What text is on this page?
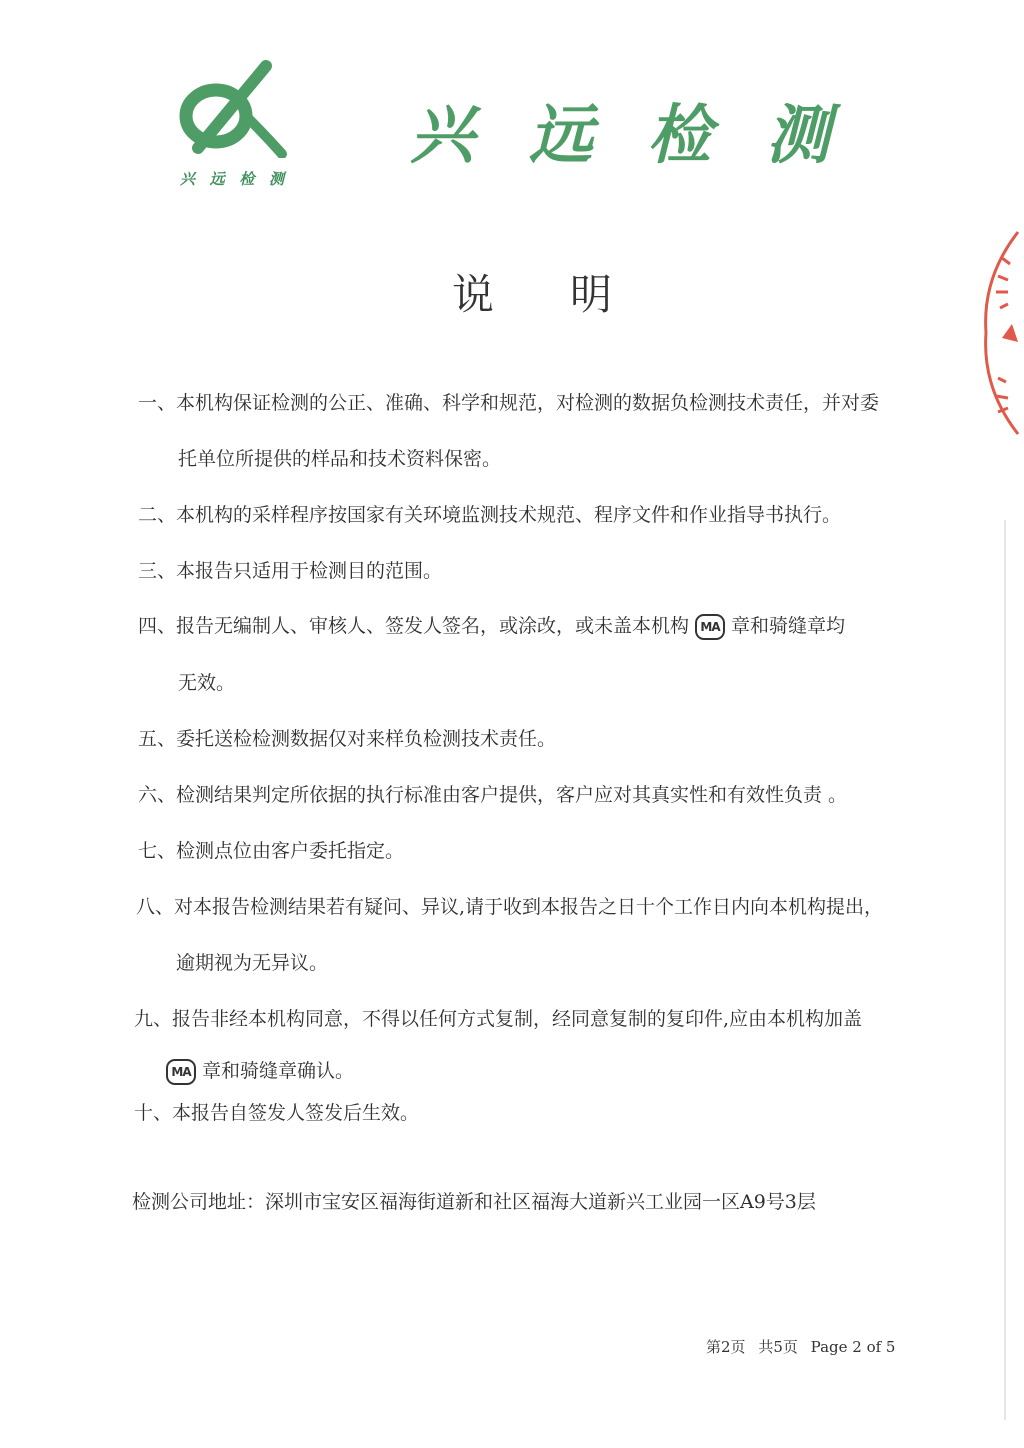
兴 远 检 测
兴 远 检 测
说 明

一、本机构保证检测的公正、准确、科学和规范，对检测的数据负检测技术责任，并对委

托单位所提供的样品和技术资料保密。

二、本机构的采样程序按国家有关环境监测技术规范、程序文件和作业指导书执行。

三、本报告只适用于检测目的范围。

四、报告无编制人、审核人、签发人签名，或涂改，或未盖本机构 MA 章和骑缝章均

无效。

五、委托送检检测数据仅对来样负检测技术责任。

六、检测结果判定所依据的执行标准由客户提供，客户应对其真实性和有效性负责 。

七、检测点位由客户委托指定。

八、对本报告检测结果若有疑问、异议,请于收到本报告之日十个工作日内向本机构提出，

逾期视为无异议。

九、报告非经本机构同意，不得以任何方式复制，经同意复制的复印件,应由本机构加盖

MA 章和骑缝章确认。

十、本报告自签发人签发后生效。

检测公司地址：深圳市宝安区福海街道新和社区福海大道新兴工业园一区A9号3层
第2页 共5页 Page 2 of 5
